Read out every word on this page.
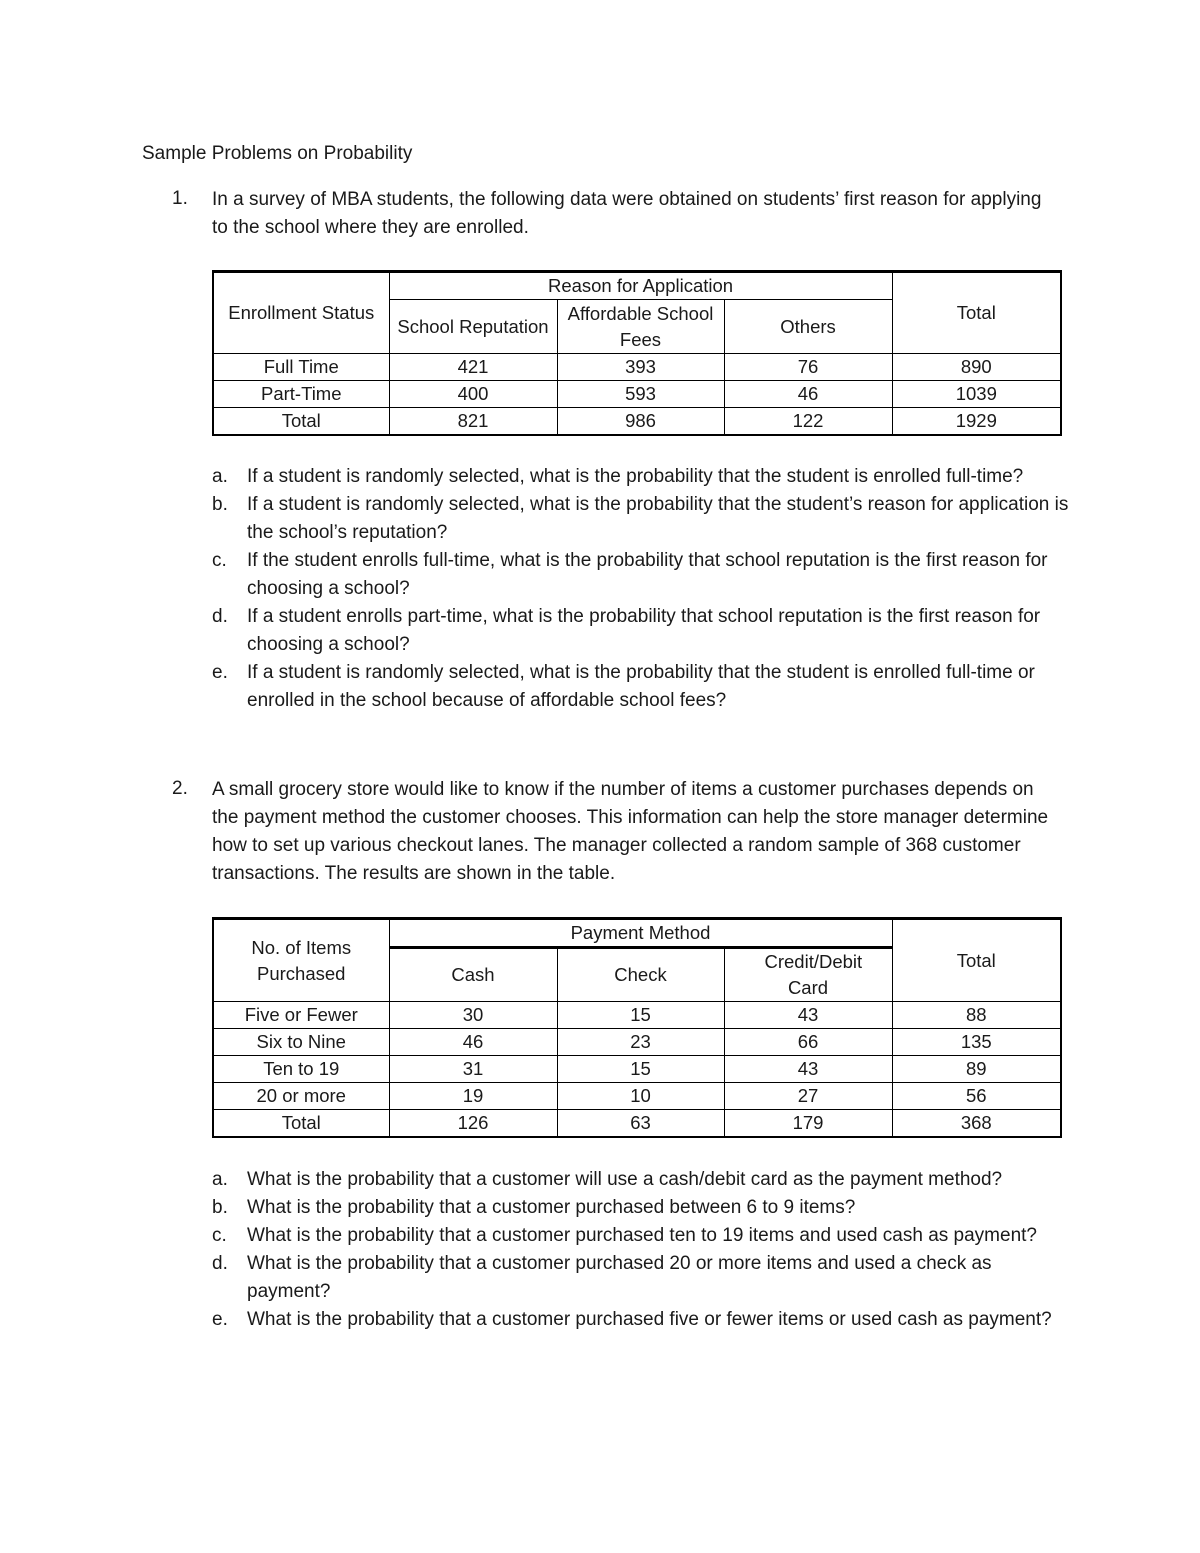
Sample Problems on Probability
1.	In a survey of MBA students, the following data were obtained on students’ first reason for applying to the school where they are enrolled.
Enrollment Status	Reason for Application			Total
	School Reputation	Affordable School Fees	Others	
Full Time	421	393	76	890
Part-Time	400	593	46	1039
Total	821	986	122	1929
a. If a student is randomly selected, what is the probability that the student is enrolled full-time?
b. If a student is randomly selected, what is the probability that the student’s reason for application is the school’s reputation?
c. If the student enrolls full-time, what is the probability that school reputation is the first reason for choosing a school?
d. If a student enrolls part-time, what is the probability that school reputation is the first reason for choosing a school?
e. If a student is randomly selected, what is the probability that the student is enrolled full-time or enrolled in the school because of affordable school fees?
2.	A small grocery store would like to know if the number of items a customer purchases depends on the payment method the customer chooses. This information can help the store manager determine how to set up various checkout lanes. The manager collected a random sample of 368 customer transactions. The results are shown in the table.
No. of Items Purchased	Payment Method			Total
	Cash	Check	Credit/Debit Card	
Five or Fewer	30	15	43	88
Six to Nine	46	23	66	135
Ten to 19	31	15	43	89
20 or more	19	10	27	56
Total	126	63	179	368
a. What is the probability that a customer will use a cash/debit card as the payment method?
b. What is the probability that a customer purchased between 6 to 9 items?
c. What is the probability that a customer purchased ten to 19 items and used cash as payment?
d. What is the probability that a customer purchased 20 or more items and used a check as payment?
e. What is the probability that a customer purchased five or fewer items or used cash as payment?
